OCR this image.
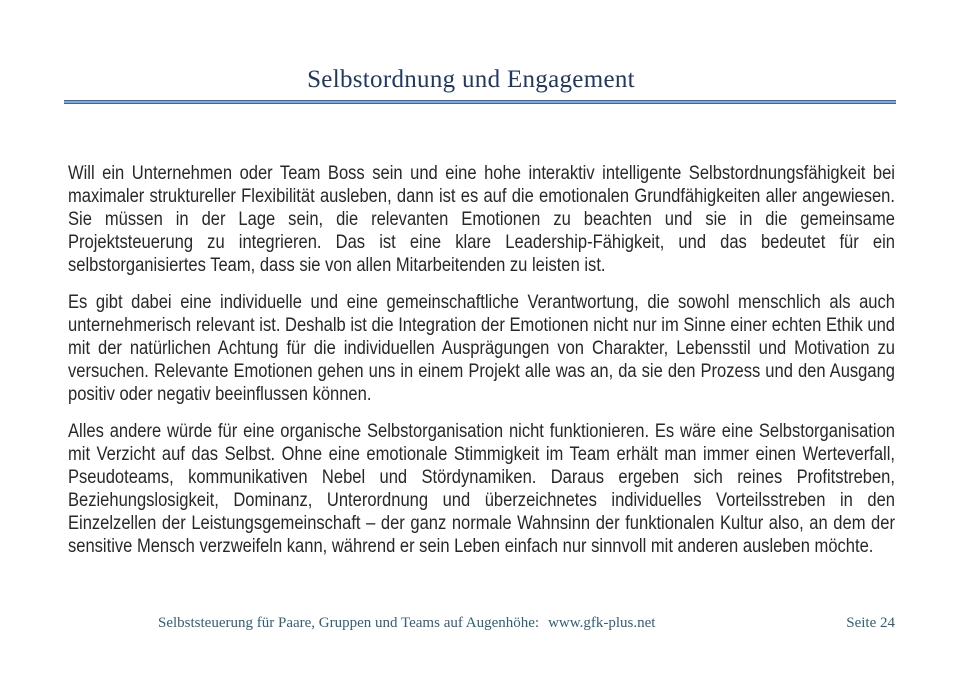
Selbstordnung und Engagement

Will ein Unternehmen oder Team Boss sein und eine hohe interaktiv intelligente Selbstordnungsfähigkeit bei maximaler struktureller Flexibilität ausleben, dann ist es auf die emotionalen Grundfähigkeiten aller angewiesen. Sie müssen in der Lage sein, die relevanten Emotionen zu beachten und sie in die gemeinsame Projektsteuerung zu integrieren. Das ist eine klare Leadership-Fähigkeit, und das bedeutet für ein selbstorganisiertes Team, dass sie von allen Mitarbeitenden zu leisten ist.

Es gibt dabei eine individuelle und eine gemeinschaftliche Verantwortung, die sowohl menschlich als auch unternehmerisch relevant ist. Deshalb ist die Integration der Emotionen nicht nur im Sinne einer echten Ethik und mit der natürlichen Achtung für die individuellen Ausprägungen von Charakter, Lebensstil und Motivation zu versuchen. Relevante Emotionen gehen uns in einem Projekt alle was an, da sie den Prozess und den Ausgang positiv oder negativ beeinflussen können.

Alles andere würde für eine organische Selbstorganisation nicht funktionieren. Es wäre eine Selbstorganisation mit Verzicht auf das Selbst. Ohne eine emotionale Stimmigkeit im Team erhält man immer einen Werteverfall, Pseudoteams, kommunikativen Nebel und Stördynamiken. Daraus ergeben sich reines Profitstreben, Beziehungslosigkeit, Dominanz, Unterordnung und überzeichnetes individuelles Vorteilsstreben in den Einzelzellen der Leistungsgemeinschaft – der ganz normale Wahnsinn der funktionalen Kultur also, an dem der sensitive Mensch verzweifeln kann, während er sein Leben einfach nur sinnvoll mit anderen ausleben möchte.

Selbststeuerung für Paare, Gruppen und Teams auf Augenhöhe: www.gfk-plus.net	Seite 24
